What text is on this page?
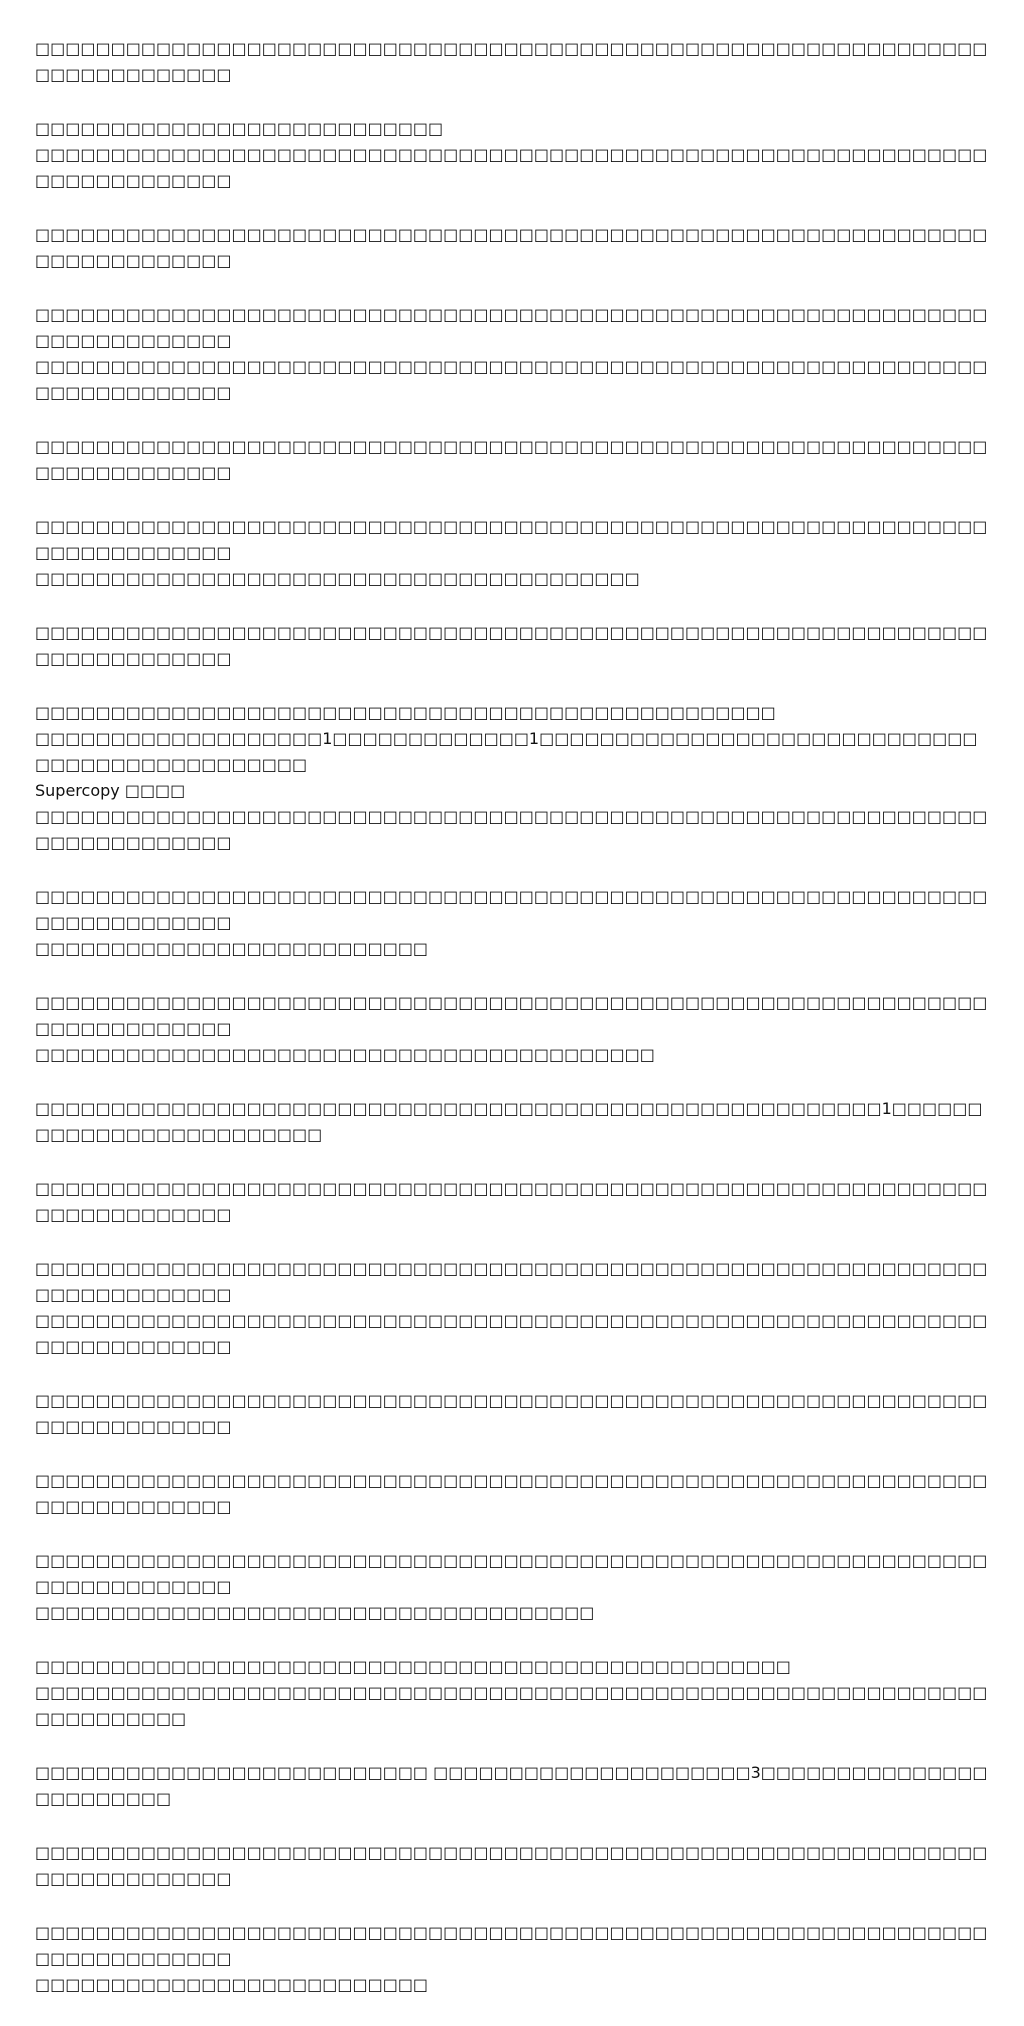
□□□□□□□□□□□□□□□□□□□□□□□□□□□□□□□□□□□□□□□□□□□□□□□□□□□□□□□□□□□□□□□□□□□□□□□□□□□□

□□□□□□□□□□□□□□□□□□□□□□□□□□□
□□□□□□□□□□□□□□□□□□□□□□□□□□□□□□□□□□□□□□□□□□□□□□□□□□□□□□□□□□□□□□□□□□□□□□□□□□□□

□□□□□□□□□□□□□□□□□□□□□□□□□□□□□□□□□□□□□□□□□□□□□□□□□□□□□□□□□□□□□□□□□□□□□□□□□□□□

□□□□□□□□□□□□□□□□□□□□□□□□□□□□□□□□□□□□□□□□□□□□□□□□□□□□□□□□□□□□□□□□□□□□□□□□□□□□
□□□□□□□□□□□□□□□□□□□□□□□□□□□□□□□□□□□□□□□□□□□□□□□□□□□□□□□□□□□□□□□□□□□□□□□□□□□□

□□□□□□□□□□□□□□□□□□□□□□□□□□□□□□□□□□□□□□□□□□□□□□□□□□□□□□□□□□□□□□□□□□□□□□□□□□□□

□□□□□□□□□□□□□□□□□□□□□□□□□□□□□□□□□□□□□□□□□□□□□□□□□□□□□□□□□□□□□□□□□□□□□□□□□□□□
□□□□□□□□□□□□□□□□□□□□□□□□□□□□□□□□□□□□□□□□

□□□□□□□□□□□□□□□□□□□□□□□□□□□□□□□□□□□□□□□□□□□□□□□□□□□□□□□□□□□□□□□□□□□□□□□□□□□□

□□□□□□□□□□□□□□□□□□□□□□□□□□□□□□□□□□□□□□□□□□□□□□□□□
□□□□□□□□□□□□□□□□□□□1□□□□□□□□□□□□□1□□□□□□□□□□□□□□□□□□□□□□□□□□□□□□□□□□□□□□□□□□□□□□□
Supercopy □□□□
□□□□□□□□□□□□□□□□□□□□□□□□□□□□□□□□□□□□□□□□□□□□□□□□□□□□□□□□□□□□□□□□□□□□□□□□□□□□

□□□□□□□□□□□□□□□□□□□□□□□□□□□□□□□□□□□□□□□□□□□□□□□□□□□□□□□□□□□□□□□□□□□□□□□□□□□□
□□□□□□□□□□□□□□□□□□□□□□□□□□

□□□□□□□□□□□□□□□□□□□□□□□□□□□□□□□□□□□□□□□□□□□□□□□□□□□□□□□□□□□□□□□□□□□□□□□□□□□□
□□□□□□□□□□□□□□□□□□□□□□□□□□□□□□□□□□□□□□□□□

□□□□□□□□□□□□□□□□□□□□□□□□□□□□□□□□□□□□□□□□□□□□□□□□□□□□□□□□1□□□□□□□□□□□□□□□□□□□□□□□□□

□□□□□□□□□□□□□□□□□□□□□□□□□□□□□□□□□□□□□□□□□□□□□□□□□□□□□□□□□□□□□□□□□□□□□□□□□□□□

□□□□□□□□□□□□□□□□□□□□□□□□□□□□□□□□□□□□□□□□□□□□□□□□□□□□□□□□□□□□□□□□□□□□□□□□□□□□
□□□□□□□□□□□□□□□□□□□□□□□□□□□□□□□□□□□□□□□□□□□□□□□□□□□□□□□□□□□□□□□□□□□□□□□□□□□□

□□□□□□□□□□□□□□□□□□□□□□□□□□□□□□□□□□□□□□□□□□□□□□□□□□□□□□□□□□□□□□□□□□□□□□□□□□□□

□□□□□□□□□□□□□□□□□□□□□□□□□□□□□□□□□□□□□□□□□□□□□□□□□□□□□□□□□□□□□□□□□□□□□□□□□□□□

□□□□□□□□□□□□□□□□□□□□□□□□□□□□□□□□□□□□□□□□□□□□□□□□□□□□□□□□□□□□□□□□□□□□□□□□□□□□
□□□□□□□□□□□□□□□□□□□□□□□□□□□□□□□□□□□□□

□□□□□□□□□□□□□□□□□□□□□□□□□□□□□□□□□□□□□□□□□□□□□□□□□□
□□□□□□□□□□□□□□□□□□□□□□□□□□□□□□□□□□□□□□□□□□□□□□□□□□□□□□□□□□□□□□□□□□□□□□□□□

□□□□□□□□□□□□□□□□□□□□□□□□□□ □□□□□□□□□□□□□□□□□□□□□3□□□□□□□□□□□□□□□□□□□□□□□□

□□□□□□□□□□□□□□□□□□□□□□□□□□□□□□□□□□□□□□□□□□□□□□□□□□□□□□□□□□□□□□□□□□□□□□□□□□□□

□□□□□□□□□□□□□□□□□□□□□□□□□□□□□□□□□□□□□□□□□□□□□□□□□□□□□□□□□□□□□□□□□□□□□□□□□□□□
□□□□□□□□□□□□□□□□□□□□□□□□□□
